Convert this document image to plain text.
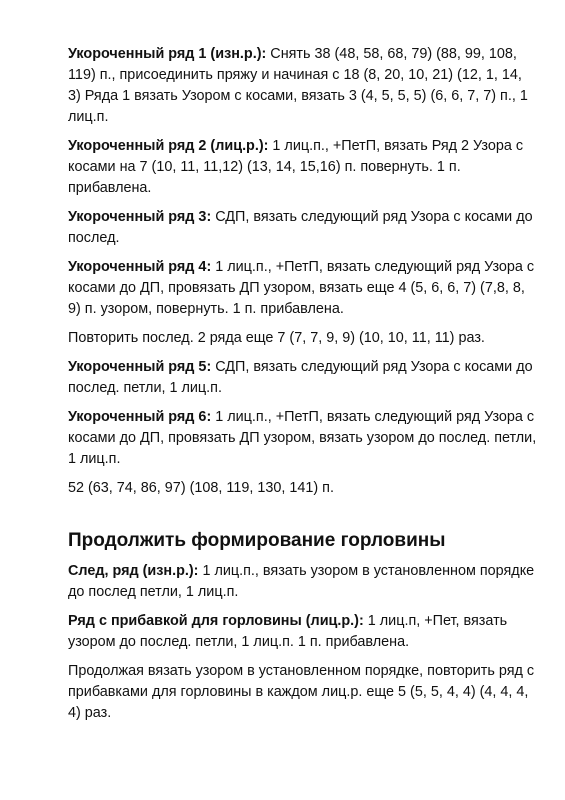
Укороченный ряд 1 (изн.р.): Снять 38 (48, 58, 68, 79) (88, 99, 108, 119) п., присоединить пряжу и начиная с 18 (8, 20, 10, 21) (12, 1, 14, 3) Ряда 1 вязать Узором с косами, вязать 3 (4, 5, 5, 5) (6, 6, 7, 7) п., 1 лиц.п.

Укороченный ряд 2 (лиц.р.): 1 лиц.п., +ПетП, вязать Ряд 2 Узора с косами на 7 (10, 11, 11,12) (13, 14, 15,16) п. повернуть. 1 п. прибавлена.

Укороченный ряд 3: СДП, вязать следующий ряд Узора с косами до послед.

Укороченный ряд 4: 1 лиц.п., +ПетП, вязать следующий ряд Узора с косами до ДП, провязать ДП узором, вязать еще 4 (5, 6, 6, 7) (7,8, 8, 9) п. узором, повернуть. 1 п. прибавлена.

Повторить послед. 2 ряда еще 7 (7, 7, 9, 9) (10, 10, 11, 11) раз.

Укороченный ряд 5: СДП, вязать следующий ряд Узора с косами до послед. петли, 1 лиц.п.

Укороченный ряд 6: 1 лиц.п., +ПетП, вязать следующий ряд Узора с косами до ДП, провязать ДП узором, вязать узором до послед. петли, 1 лиц.п.

52 (63, 74, 86, 97) (108, 119, 130, 141) п.

Продолжить формирование горловины

След, ряд (изн.р.): 1 лиц.п., вязать узором в установленном порядке до послед петли, 1 лиц.п.

Ряд с прибавкой для горловины (лиц.р.): 1 лиц.п, +Пет, вязать узором до послед. петли, 1 лиц.п. 1 п. прибавлена.

Продолжая вязать узором в установленном порядке, повторить ряд с прибавками для горловины в каждом лиц.р. еще 5 (5, 5, 4, 4) (4, 4, 4, 4) раз.
